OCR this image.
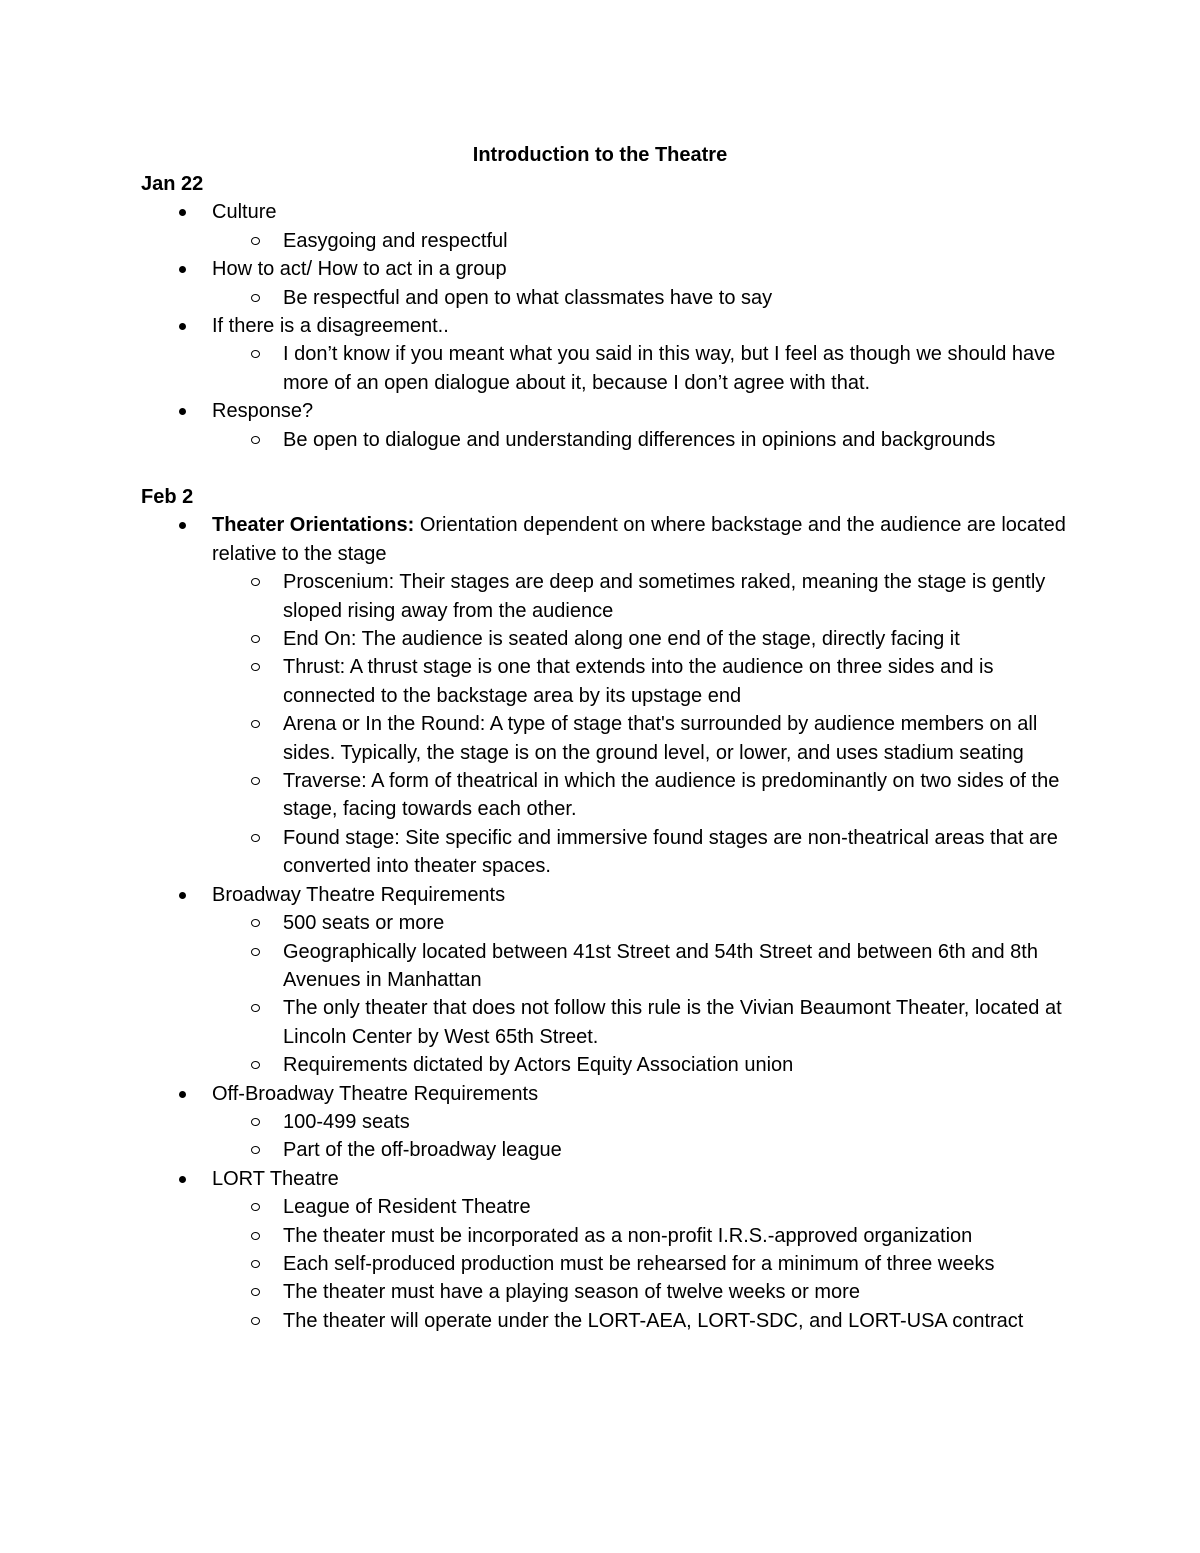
Introduction to the Theatre

Jan 22

Culture
Easygoing and respectful
How to act/ How to act in a group
Be respectful and open to what classmates have to say
If there is a disagreement..
I don’t know if you meant what you said in this way, but I feel as though we should have more of an open dialogue about it, because I don’t agree with that.
Response?
Be open to dialogue and understanding differences in opinions and backgrounds

Feb 2

Theater Orientations: Orientation dependent on where backstage and the audience are located relative to the stage
Proscenium: Their stages are deep and sometimes raked, meaning the stage is gently sloped rising away from the audience
End On: The audience is seated along one end of the stage, directly facing it
Thrust: A thrust stage is one that extends into the audience on three sides and is connected to the backstage area by its upstage end
Arena or In the Round: A type of stage that's surrounded by audience members on all sides. Typically, the stage is on the ground level, or lower, and uses stadium seating
Traverse: A form of theatrical in which the audience is predominantly on two sides of the stage, facing towards each other.
Found stage: Site specific and immersive found stages are non-theatrical areas that are converted into theater spaces.
Broadway Theatre Requirements
500 seats or more
Geographically located between 41st Street and 54th Street and between 6th and 8th Avenues in Manhattan
The only theater that does not follow this rule is the Vivian Beaumont Theater, located at Lincoln Center by West 65th Street.
Requirements dictated by Actors Equity Association union
Off-Broadway Theatre Requirements
100-499 seats
Part of the off-broadway league
LORT Theatre
League of Resident Theatre
The theater must be incorporated as a non-profit I.R.S.-approved organization
Each self-produced production must be rehearsed for a minimum of three weeks
The theater must have a playing season of twelve weeks or more
The theater will operate under the LORT-AEA, LORT-SDC, and LORT-USA contract
